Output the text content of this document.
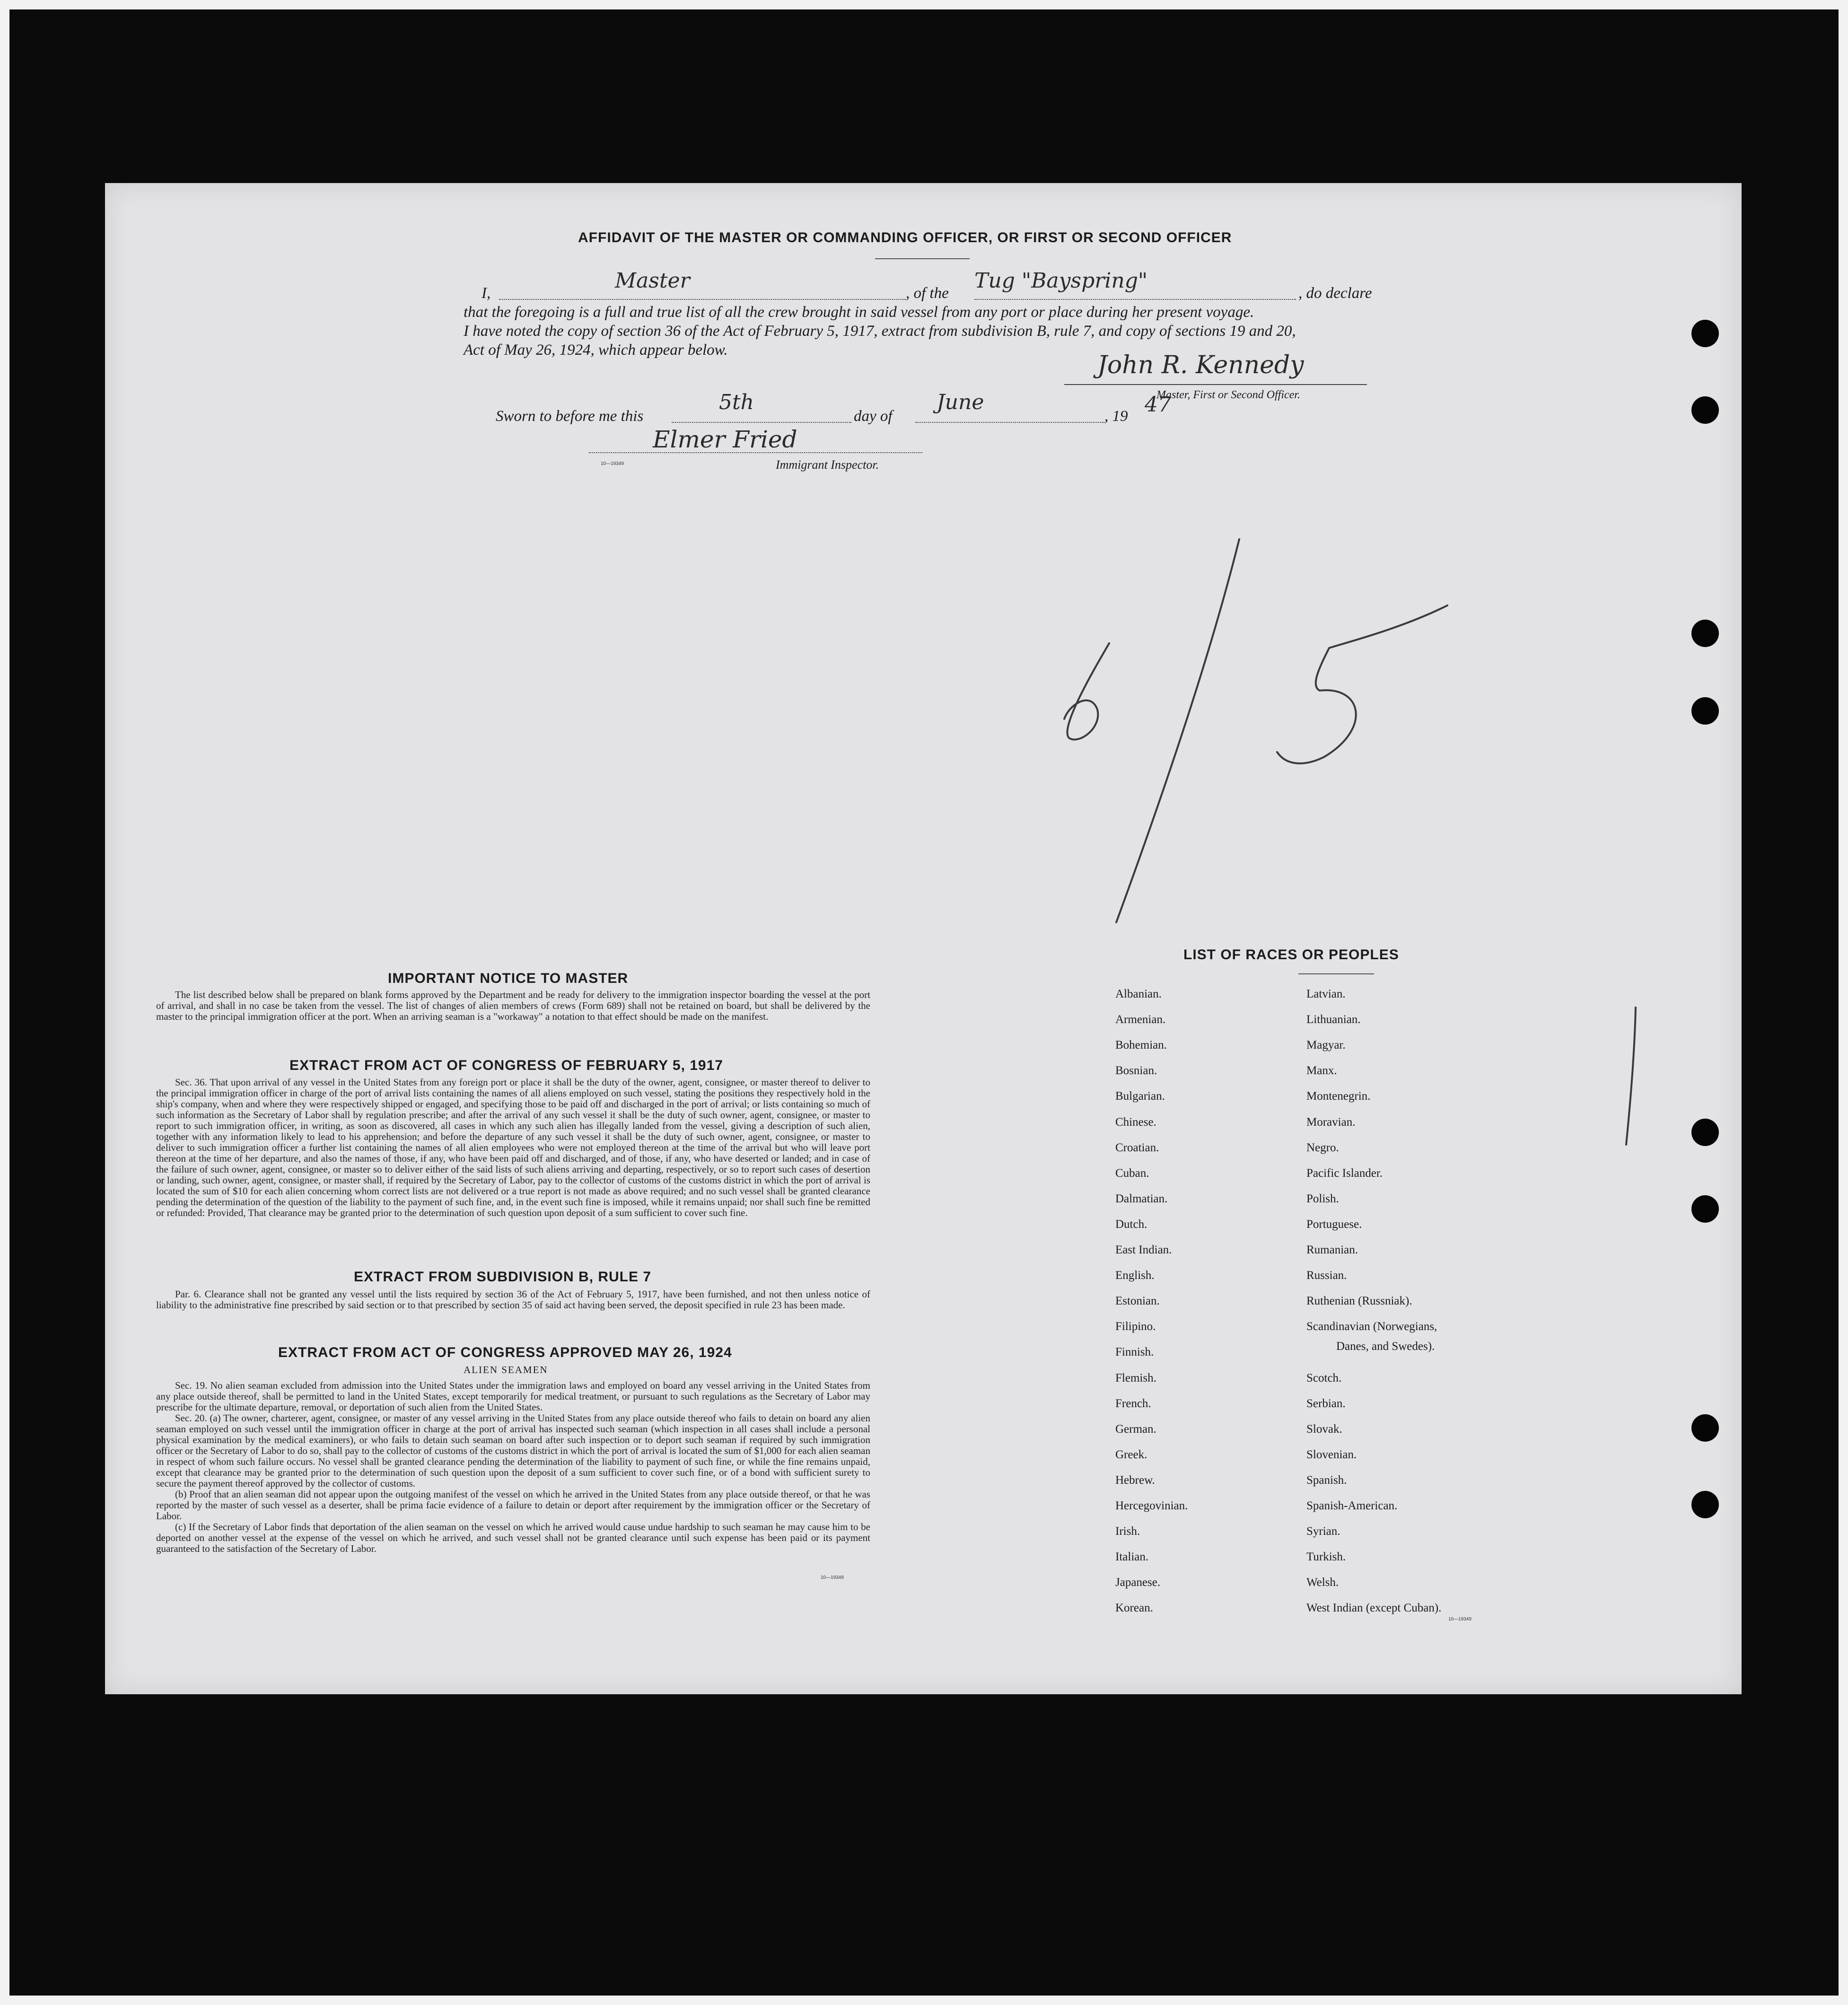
AFFIDAVIT OF THE MASTER OR COMMANDING OFFICER, OR FIRST OR SECOND OFFICER
I,
Master
, of the
Tug "Bayspring"
, do declare
that the foregoing is a full and true list of all the crew brought in said vessel from any port or place during her present voyage.
I have noted the copy of section 36 of the Act of February 5, 1917, extract from subdivision B, rule 7, and copy of sections 19 and 20,
Act of May 26, 1924, which appear below.
John R. Kennedy
Master, First or Second Officer.
Sworn to before me this
5th
day of
June
, 19 47
Elmer Fried
10—19349	Immigrant Inspector.
IMPORTANT NOTICE TO MASTER

The list described below shall be prepared on blank forms approved by the Department and be ready for delivery to the immigration inspector boarding the vessel at the port of arrival, and shall in no case be taken from the vessel. The list of changes of alien members of crews (Form 689) shall not be retained on board, but shall be delivered by the master to the principal immigration officer at the port. When an arriving seaman is a "workaway" a notation to that effect should be made on the manifest.

EXTRACT FROM ACT OF CONGRESS OF FEBRUARY 5, 1917

Sec. 36. That upon arrival of any vessel in the United States from any foreign port or place it shall be the duty of the owner, agent, consignee, or master thereof to deliver to the principal immigration officer in charge of the port of arrival lists containing the names of all aliens employed on such vessel, stating the positions they respectively hold in the ship's company, when and where they were respectively shipped or engaged, and specifying those to be paid off and discharged in the port of arrival; or lists containing so much of such information as the Secretary of Labor shall by regulation prescribe; and after the arrival of any such vessel it shall be the duty of such owner, agent, consignee, or master to report to such immigration officer, in writing, as soon as discovered, all cases in which any such alien has illegally landed from the vessel, giving a description of such alien, together with any information likely to lead to his apprehension; and before the departure of any such vessel it shall be the duty of such owner, agent, consignee, or master to deliver to such immigration officer a further list containing the names of all alien employees who were not employed thereon at the time of the arrival but who will leave port thereon at the time of her departure, and also the names of those, if any, who have been paid off and discharged, and of those, if any, who have deserted or landed; and in case of the failure of such owner, agent, consignee, or master so to deliver either of the said lists of such aliens arriving and departing, respectively, or so to report such cases of desertion or landing, such owner, agent, consignee, or master shall, if required by the Secretary of Labor, pay to the collector of customs of the customs district in which the port of arrival is located the sum of $10 for each alien concerning whom correct lists are not delivered or a true report is not made as above required; and no such vessel shall be granted clearance pending the determination of the question of the liability to the payment of such fine, and, in the event such fine is imposed, while it remains unpaid; nor shall such fine be remitted or refunded: Provided, That clearance may be granted prior to the determination of such question upon deposit of a sum sufficient to cover such fine.

EXTRACT FROM SUBDIVISION B, RULE 7

Par. 6. Clearance shall not be granted any vessel until the lists required by section 36 of the Act of February 5, 1917, have been furnished, and not then unless notice of liability to the administrative fine prescribed by said section or to that prescribed by section 35 of said act having been served, the deposit specified in rule 23 has been made.

EXTRACT FROM ACT OF CONGRESS APPROVED MAY 26, 1924
ALIEN SEAMEN

Sec. 19. No alien seaman excluded from admission into the United States under the immigration laws and employed on board any vessel arriving in the United States from any place outside thereof, shall be permitted to land in the United States, except temporarily for medical treatment, or pursuant to such regulations as the Secretary of Labor may prescribe for the ultimate departure, removal, or deportation of such alien from the United States.

Sec. 20. (a) The owner, charterer, agent, consignee, or master of any vessel arriving in the United States from any place outside thereof who fails to detain on board any alien seaman employed on such vessel until the immigration officer in charge at the port of arrival has inspected such seaman (which inspection in all cases shall include a personal physical examination by the medical examiners), or who fails to detain such seaman on board after such inspection or to deport such seaman if required by such immigration officer or the Secretary of Labor to do so, shall pay to the collector of customs of the customs district in which the port of arrival is located the sum of $1,000 for each alien seaman in respect of whom such failure occurs. No vessel shall be granted clearance pending the determination of the liability to payment of such fine, or while the fine remains unpaid, except that clearance may be granted prior to the determination of such question upon the deposit of a sum sufficient to cover such fine, or of a bond with sufficient surety to secure the payment thereof approved by the collector of customs.

(b) Proof that an alien seaman did not appear upon the outgoing manifest of the vessel on which he arrived in the United States from any place outside thereof, or that he was reported by the master of such vessel as a deserter, shall be prima facie evidence of a failure to detain or deport after requirement by the immigration officer or the Secretary of Labor.

(c) If the Secretary of Labor finds that deportation of the alien seaman on the vessel on which he arrived would cause undue hardship to such seaman he may cause him to be deported on another vessel at the expense of the vessel on which he arrived, and such vessel shall not be granted clearance until such expense has been paid or its payment guaranteed to the satisfaction of the Secretary of Labor.

10—19349
LIST OF RACES OR PEOPLES
Albanian.
Armenian.
Bohemian.
Bosnian.
Bulgarian.
Chinese.
Croatian.
Cuban.
Dalmatian.
Dutch.
East Indian.
English.
Estonian.
Filipino.
Finnish.
Flemish.
French.
German.
Greek.
Hebrew.
Hercegovinian.
Irish.
Italian.
Japanese.
Korean.
Latvian.
Lithuanian.
Magyar.
Manx.
Montenegrin.
Moravian.
Negro.
Pacific Islander.
Polish.
Portuguese.
Rumanian.
Russian.
Ruthenian (Russniak).
Scandinavian (Norwegians,
Scotch.
Serbian.
Slovak.
Slovenian.
Spanish.
Spanish-American.
Syrian.
Turkish.
Welsh.
West Indian (except Cuban).
Danes, and Swedes).
10—19349
